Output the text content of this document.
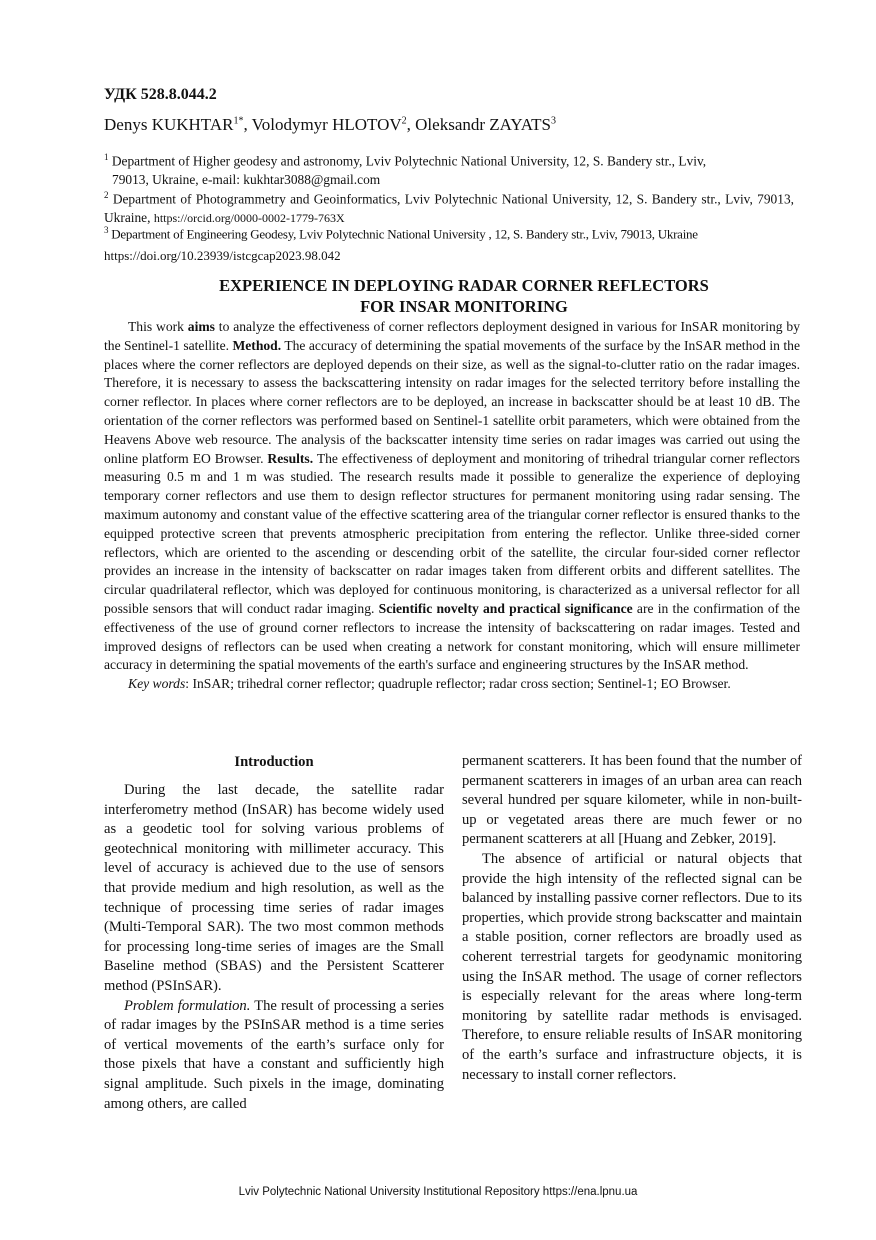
УДК 528.8.044.2
Denys $KUKHTAR^{1*}$, Volodymyr HLOTOV$^2$, Oleksandr ZAYATS$^3$
$^1$ Department of Higher geodesy and astronomy, Lviv Polytechnic National University, 12, S. Bandery str., Lviv,
79013, Ukraine, e-mail: kukhtar3088@gmail.com
$^2$ Department of Photogrammetry and Geoinformatics, Lviv Polytechnic National University, 12, S. Bandery str., Lviv, 79013, Ukraine, https://orcid.org/0000-0002-1779-763X
$^3$ Department of Engineering Geodesy, Lviv Polytechnic National University , 12, S. Bandery str., Lviv, 79013, Ukraine
https://doi.org/10.23939/istcgcap2023.98.042
EXPERIENCE IN DEPLOYING RADAR CORNER REFLECTORS
FOR INSAR MONITORING

This work aims to analyze the effectiveness of corner reflectors deployment designed in various for InSAR monitoring by the Sentinel-1 satellite. Method. The accuracy of determining the spatial movements of the surface by the InSAR method in the places where the corner reflectors are deployed depends on their size, as well as the signal-to-clutter ratio on the radar images. Therefore, it is necessary to assess the backscattering intensity on radar images for the selected territory before installing the corner reflector. In places where corner reflectors are to be deployed, an increase in backscatter should be at least 10 dB. The orientation of the corner reflectors was performed based on Sentinel-1 satellite orbit parameters, which were obtained from the Heavens Above web resource. The analysis of the backscatter intensity time series on radar images was carried out using the online platform EO Browser. Results. The effectiveness of deployment and monitoring of trihedral triangular corner reflectors measuring 0.5 m and 1 m was studied. The research results made it possible to generalize the experience of deploying temporary corner reflectors and use them to design reflector structures for permanent monitoring using radar sensing. The maximum autonomy and constant value of the effective scattering area of the triangular corner reflector is ensured thanks to the equipped protective screen that prevents atmospheric precipitation from entering the reflector. Unlike three-sided corner reflectors, which are oriented to the ascending or descending orbit of the satellite, the circular four-sided corner reflector provides an increase in the intensity of backscatter on radar images taken from different orbits and different satellites. The circular quadrilateral reflector, which was deployed for continuous monitoring, is characterized as a universal reflector for all possible sensors that will conduct radar imaging. Scientific novelty and practical significance are in the confirmation of the effectiveness of the use of ground corner reflectors to increase the intensity of backscattering on radar images. Tested and improved designs of reflectors can be used when creating a network for constant monitoring, which will ensure millimeter accuracy in determining the spatial movements of the earth's surface and engineering structures by the InSAR method.

Key words: InSAR; trihedral corner reflector; quadruple reflector; radar cross section; Sentinel-1; EO Browser.

Introduction

During the last decade, the satellite radar interferometry method (InSAR) has become widely used as a geodetic tool for solving various problems of geotechnical monitoring with millimeter accuracy. This level of accuracy is achieved due to the use of sensors that provide medium and high resolution, as well as the technique of processing time series of radar images (Multi-Temporal SAR). The two most common methods for processing long-time series of images are the Small Baseline method (SBAS) and the Persistent Scatterer method (PSInSAR).

Problem formulation. The result of processing a series of radar images by the PSInSAR method is a time series of vertical movements of the earth’s surface only for those pixels that have a constant and sufficiently high signal amplitude. Such pixels in the image, dominating among others, are called

permanent scatterers. It has been found that the number of permanent scatterers in images of an urban area can reach several hundred per square kilometer, while in non-built-up or vegetated areas there are much fewer or no permanent scatterers at all [Huang and Zebker, 2019].

The absence of artificial or natural objects that provide the high intensity of the reflected signal can be balanced by installing passive corner reflectors. Due to its properties, which provide strong backscatter and maintain a stable position, corner reflectors are broadly used as coherent terrestrial targets for geodynamic monitoring using the InSAR method. The usage of corner reflectors is especially relevant for the areas where long-term monitoring by satellite radar methods is envisaged. Therefore, to ensure reliable results of InSAR monitoring of the earth’s surface and infrastructure objects, it is necessary to install corner reflectors.

Lviv Polytechnic National University Institutional Repository https://ena.lpnu.ua
